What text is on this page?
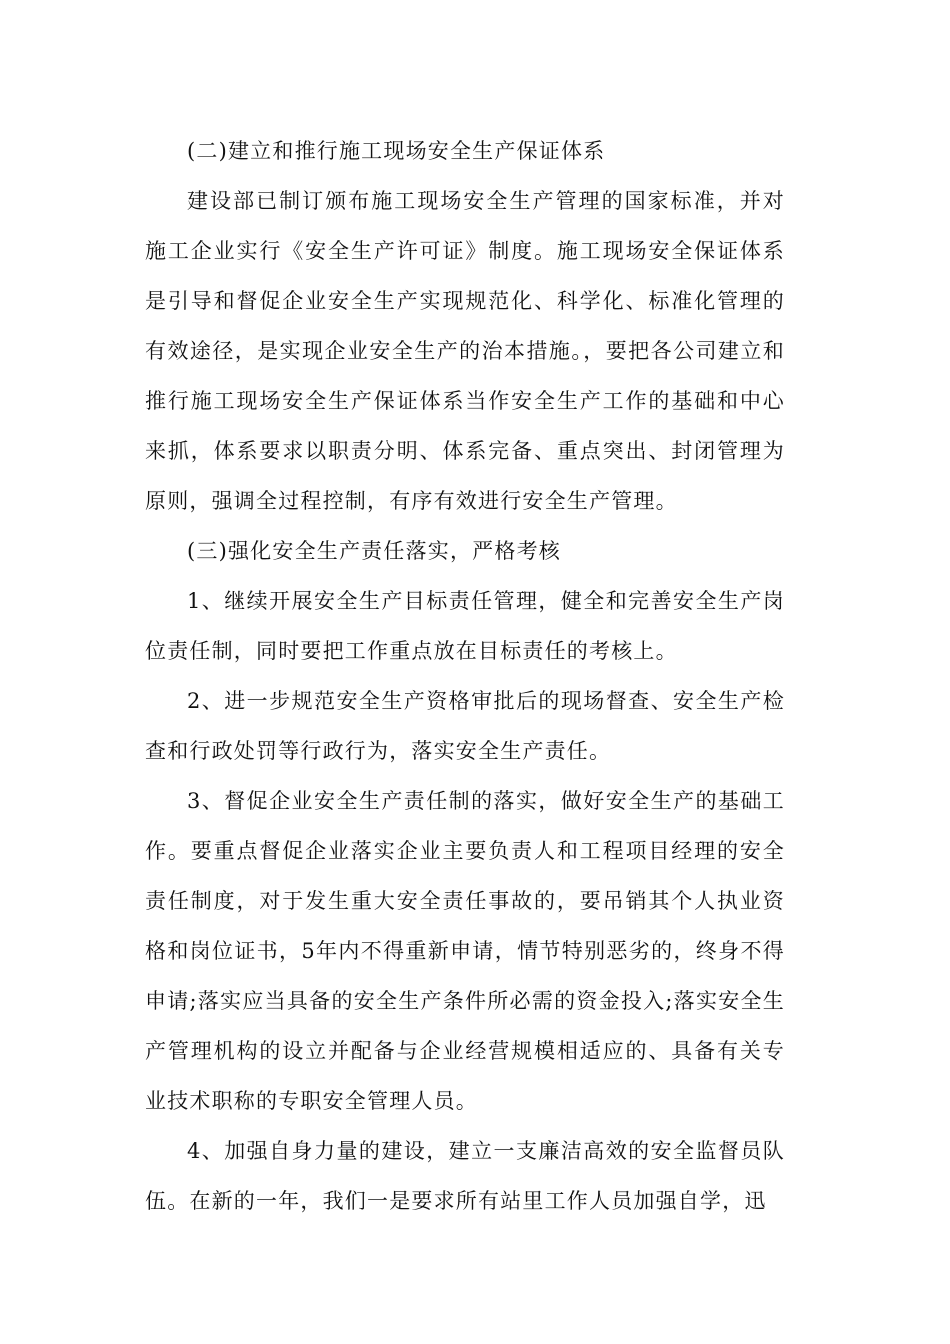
(二)建立和推行施工现场安全生产保证体系

建设部已制订颁布施工现场安全生产管理的国家标准，并对施工企业实行《安全生产许可证》制度。施工现场安全保证体系是引导和督促企业安全生产实现规范化、科学化、标准化管理的有效途径，是实现企业安全生产的治本措施。，要把各公司建立和推行施工现场安全生产保证体系当作安全生产工作的基础和中心来抓，体系要求以职责分明、体系完备、重点突出、封闭管理为原则，强调全过程控制，有序有效进行安全生产管理。

(三)强化安全生产责任落实，严格考核

1、继续开展安全生产目标责任管理，健全和完善安全生产岗位责任制，同时要把工作重点放在目标责任的考核上。

2、进一步规范安全生产资格审批后的现场督查、安全生产检查和行政处罚等行政行为，落实安全生产责任。

3、督促企业安全生产责任制的落实，做好安全生产的基础工作。要重点督促企业落实企业主要负责人和工程项目经理的安全责任制度，对于发生重大安全责任事故的，要吊销其个人执业资格和岗位证书，5年内不得重新申请，情节特别恶劣的，终身不得申请;落实应当具备的安全生产条件所必需的资金投入;落实安全生产管理机构的设立并配备与企业经营规模相适应的、具备有关专业技术职称的专职安全管理人员。

4、加强自身力量的建设，建立一支廉洁高效的安全监督员队伍。在新的一年，我们一是要求所有站里工作人员加强自学，迅
